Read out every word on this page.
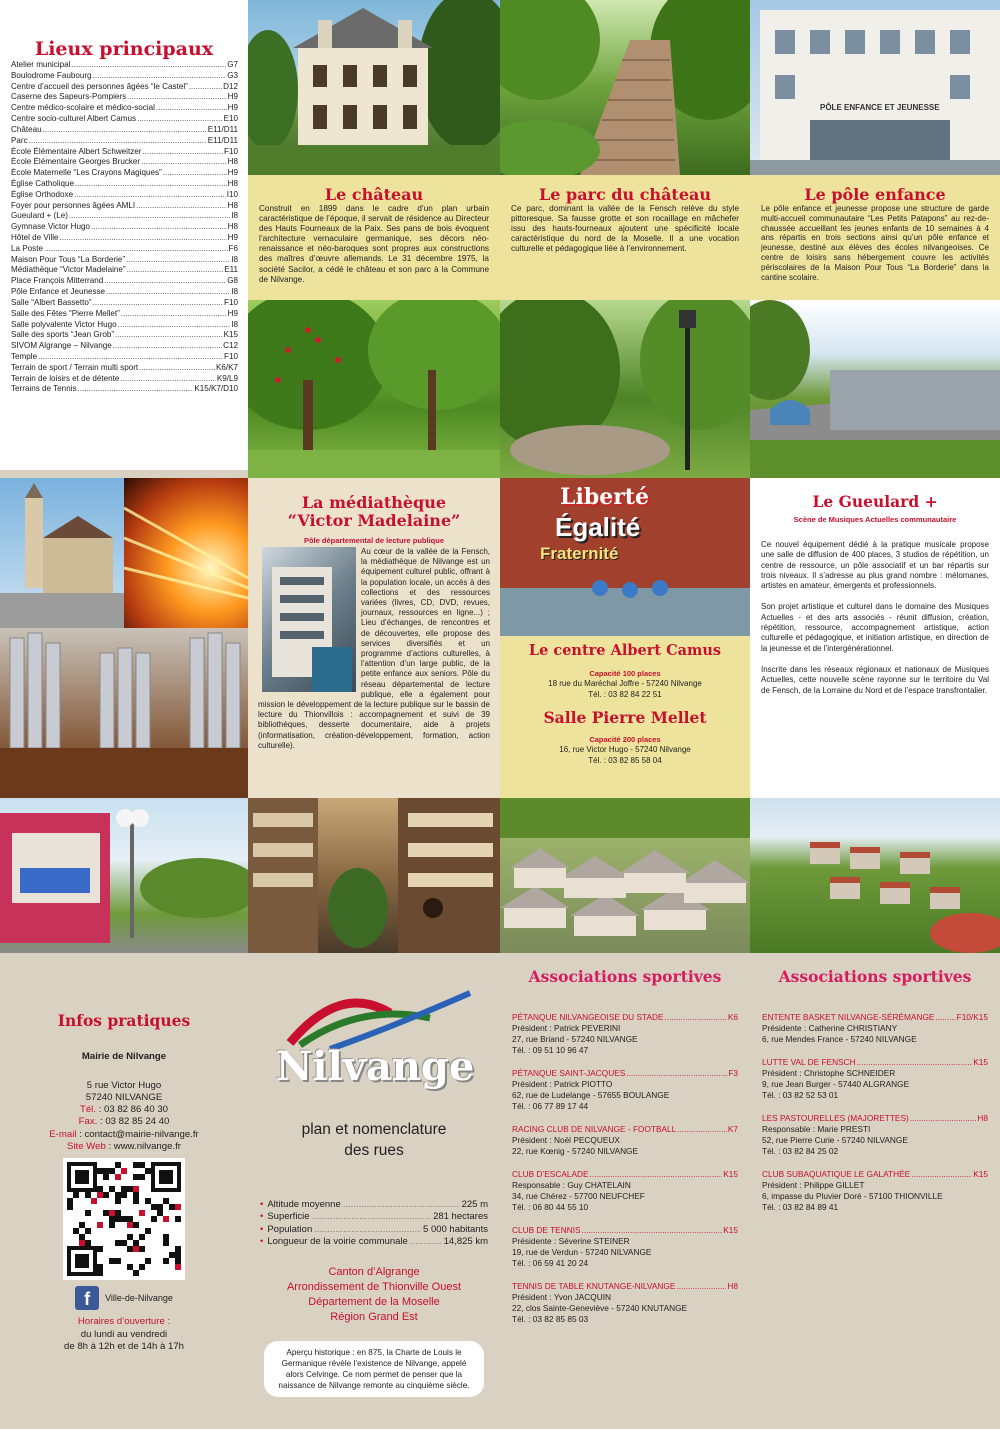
Lieux principaux
Atelier municipal .....	G7
Boulodrome Faubourg .....	G3
Centre d’accueil des personnes âgées “le Castel” .....	D12
Caserne des Sapeurs-Pompiers .....	H9
Centre médico-scolaire et médico-social .....	H9
Centre socio-culturel Albert Camus .....	E10
Château .....	E11/D11
Parc .....	E11/D11
École Élémentaire Albert Schweitzer .....	F10
École Élémentaire Georges Brucker .....	H8
École Maternelle “Les Crayons Magiques” .....	H9
Église Catholique .....	H8
Église Orthodoxe .....	I10
Foyer pour personnes âgées AMLI .....	H8
Gueulard + (Le) .....	I8
Gymnase Victor Hugo .....	H8
Hôtel de Ville .....	H9
La Poste .....	F6
Maison Pour Tous “La Borderie” .....	I8
Médiathèque “Victor Madelaine” .....	E11
Place François Mitterrand .....	G8
Pôle Enfance et Jeunesse .....	I8
Salle “Albert Bassetto” .....	F10
Salle des Fêtes “Pierre Mellet” .....	H9
Salle polyvalente Victor Hugo .....	I8
Salle des sports “Jean Grob” .....	K15
SIVOM Algrange – Nilvange .....	C12
Temple .....	F10
Terrain de sport / Terrain multi sport .....	K6/K7
Terrain de loisirs et de détente .....	K9/L9
Terrains de Tennis .....	K15/K7/D10
PÔLE ENFANCE ET JEUNESSE
Le château
Construit en 1899 dans le cadre d’un plan urbain caractéristique de l’époque, il servait de résidence au Directeur des Hauts Fourneaux de la Paix. Ses pans de bois évoquent l’architecture vernaculaire germanique, ses décors néo-renaissance et néo-baroques sont propres aux constructions des maîtres d’œuvre allemands. Le 31 décembre 1975, la société Sacilor, a cédé le château et son parc à la Commune de Nilvange.
Le parc du château
Ce parc, dominant la vallée de la Fensch relève du style pittoresque. Sa fausse grotte et son rocaillage en mâchefer issu des hauts-fourneaux ajoutent une spécificité locale caractéristique du nord de la Moselle. Il a une vocation culturelle et pédagogique liée à l’environnement.
Le pôle enfance
Le pôle enfance et jeunesse propose une structure de garde multi-accueil communautaire “Les Petits Patapons” au rez-de-chaussée accueillant les jeunes enfants de 10 semaines à 4 ans répartis en trois sections ainsi qu’un pôle enfance et jeunesse, destiné aux élèves des écoles nilvangeoises. Ce centre de loisirs sans hébergement couvre les activités périscolaires de la Maison Pour Tous “La Borderie” dans la cantine scolaire.
La médiathèque
“Victor Madelaine”
Pôle départemental de lecture publique
Au cœur de la vallée de la Fensch, la médiathèque de Nilvange est un équipement culturel public, offrant à la population locale, un accès à des collections et des ressources variées (livres, CD, DVD, revues, journaux, ressources en ligne...) ; Lieu d’échanges, de rencontres et de découvertes, elle propose des services diversifiés et un programme d’actions culturelles, à l’attention d’un large public, de la petite enfance aux seniors. Pôle du réseau départemental de lecture publique, elle a également pour mission le développement de la lecture publique sur le bassin de lecture du Thionvillois : accompagnement et suivi de 39 bibliothèques, desserte documentaire, aide à projets (informatisation, création-développement, formation, action culturelle).
Liberté
Égalité
Fraternité
Le centre Albert Camus
Capacité 100 places
18 rue du Maréchal Joffre - 57240 Nilvange
Tél. : 03 82 84 22 51
Salle Pierre Mellet
Capacité 200 places
16, rue Victor Hugo - 57240 Nilvange
Tél. : 03 82 85 58 04
Le Gueulard +
Scène de Musiques Actuelles communautaire
Ce nouvel équipement dédié à la pratique musicale propose une salle de diffusion de 400 places, 3 studios de répétition, un centre de ressource, un pôle associatif et un bar répartis sur trois niveaux. Il s’adresse au plus grand nombre : mélomanes, artistes en amateur, émergents et professionnels.
Son projet artistique et culturel dans le domaine des Musiques Actuelles - et des arts associés - réunit diffusion, création, répétition, ressource, accompagnement artistique, action culturelle et pédagogique, et initiation artistique, en direction de la jeunesse et de l’intergénérationnel.
Inscrite dans les réseaux régionaux et nationaux de Musiques Actuelles, cette nouvelle scène rayonne sur le territoire du Val de Fensch, de la Lorraine du Nord et de l’espace transfrontalier.
Infos pratiques
Mairie de Nilvange
5 rue Victor Hugo
57240 NILVANGE
Tél. : 03 82 86 40 30
Fax. : 03 82 85 24 40
E-mail : contact@mairie-nilvange.fr
Site Web : www.nilvange.fr
f	Ville-de-Nilvange
Horaires d’ouverture :
du lundi au vendredi
de 8h à 12h et de 14h à 17h
Nilvange
plan et nomenclature
des rues
• Altitude moyenne .....	225 m
• Superficie .....	281 hectares
• Population .....	5 000 habitants
• Longueur de la voirie communale .....	14,825 km
Canton d’Algrange
Arrondissement de Thionville Ouest
Département de la Moselle
Région Grand Est
Aperçu historique : en 875, la Charte de Louis le Germanique révèle l’existence de Nilvange, appelé alors Celvinge. Ce nom permet de penser que la naissance de Nilvange remonte au cinquième siècle.
Associations sportives
PÉTANQUE NILVANGEOISE DU STADE .....	K6
Président : Patrick PEVERINI
27, rue Briand - 57240 NILVANGE
Tél. : 09 51 10 96 47
PÉTANQUE SAINT-JACQUES .....	F3
Président : Patrick PIOTTO
62, rue de Ludelange - 57655 BOULANGE
Tél. : 06 77 89 17 44
RACING CLUB DE NILVANGE - FOOTBALL .....	K7
Président : Noël PECQUEUX
22, rue Kœnig - 57240 NILVANGE
CLUB D’ESCALADE .....	K15
Responsable : Guy CHATELAIN
34, rue Chérez - 57700 NEUFCHEF
Tél. : 06 80 44 55 10
CLUB DE TENNIS .....	K15
Présidente : Séverine STEINER
19, rue de Verdun - 57240 NILVANGE
Tél. : 06 59 41 20 24
TENNIS DE TABLE KNUTANGE-NILVANGE .....	H8
Président : Yvon JACQUIN
22, clos Sainte-Geneviève - 57240 KNUTANGE
Tél. : 03 82 85 85 03
Associations sportives
ENTENTE BASKET NILVANGE-SÉRÉMANGE .....	F10/K15
Présidente : Catherine CHRISTIANY
6, rue Mendes France - 57240 NILVANGE
LUTTE VAL DE FENSCH .....	K15
Président : Christophe SCHNEIDER
9, rue Jean Burger - 57440 ALGRANGE
Tél. : 03 82 52 53 01
LES PASTOURELLES (MAJORETTES) .....	H8
Responsable : Marie PRESTI
52, rue Pierre Curie - 57240 NILVANGE
Tél. : 03 82 84 25 02
CLUB SUBAQUATIQUE LE GALATHÉE .....	K15
Président : Philippe GILLET
6, impasse du Pluvier Doré - 57100 THIONVILLE
Tél. : 03 82 84 89 41
